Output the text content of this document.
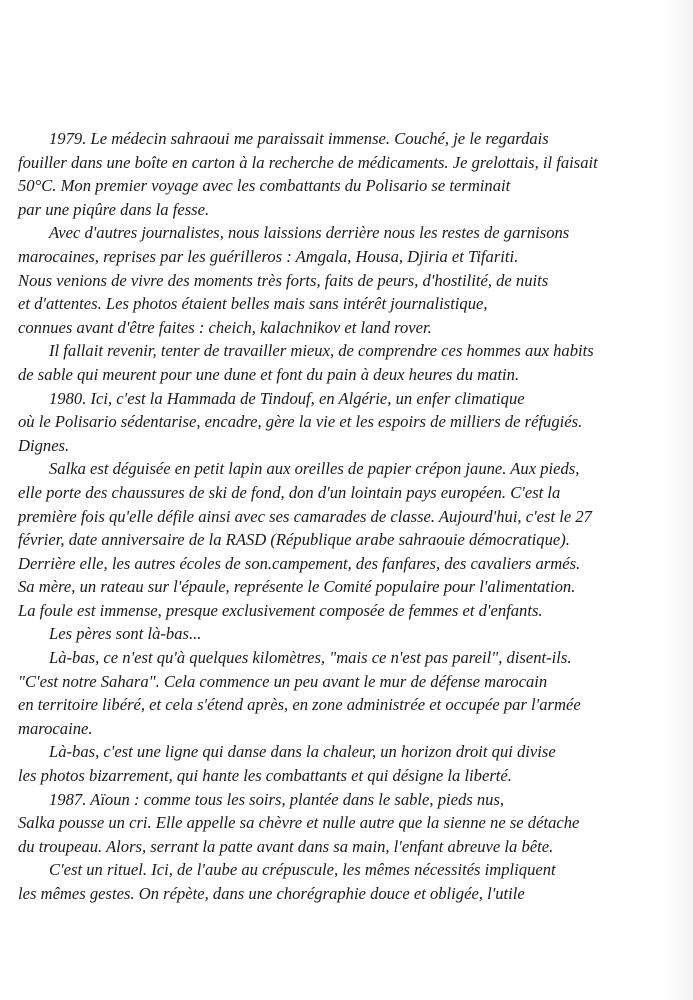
1979. Le médecin sahraoui me paraissait immense. Couché, je le regardais
fouiller dans une boîte en carton à la recherche de médicaments. Je grelottais, il faisait
50°C. Mon premier voyage avec les combattants du Polisario se terminait
par une piqûre dans la fesse.
Avec d'autres journalistes, nous laissions derrière nous les restes de garnisons
marocaines, reprises par les guérilleros : Amgala, Housa, Djiria et Tifariti.
Nous venions de vivre des moments très forts, faits de peurs, d'hostilité, de nuits
et d'attentes. Les photos étaient belles mais sans intérêt journalistique,
connues avant d'être faites : cheich, kalachnikov et land rover.
Il fallait revenir, tenter de travailler mieux, de comprendre ces hommes aux habits
de sable qui meurent pour une dune et font du pain à deux heures du matin.
1980. Ici, c'est la Hammada de Tindouf, en Algérie, un enfer climatique
où le Polisario sédentarise, encadre, gère la vie et les espoirs de milliers de réfugiés.
Dignes.
Salka est déguisée en petit lapin aux oreilles de papier crépon jaune. Aux pieds,
elle porte des chaussures de ski de fond, don d'un lointain pays européen. C'est la
première fois qu'elle défile ainsi avec ses camarades de classe. Aujourd'hui, c'est le 27
février, date anniversaire de la RASD (République arabe sahraouie démocratique).
Derrière elle, les autres écoles de son.campement, des fanfares, des cavaliers armés.
Sa mère, un rateau sur l'épaule, représente le Comité populaire pour l'alimentation.
La foule est immense, presque exclusivement composée de femmes et d'enfants.
Les pères sont là-bas...
Là-bas, ce n'est qu'à quelques kilomètres, "mais ce n'est pas pareil", disent-ils.
"C'est notre Sahara". Cela commence un peu avant le mur de défense marocain
en territoire libéré, et cela s'étend après, en zone administrée et occupée par l'armée
marocaine.
Là-bas, c'est une ligne qui danse dans la chaleur, un horizon droit qui divise
les photos bizarrement, qui hante les combattants et qui désigne la liberté.
1987. Aïoun : comme tous les soirs, plantée dans le sable, pieds nus,
Salka pousse un cri. Elle appelle sa chèvre et nulle autre que la sienne ne se détache
du troupeau. Alors, serrant la patte avant dans sa main, l'enfant abreuve la bête.
C'est un rituel. Ici, de l'aube au crépuscule, les mêmes nécessités impliquent
les mêmes gestes. On répète, dans une chorégraphie douce et obligée, l'utile
